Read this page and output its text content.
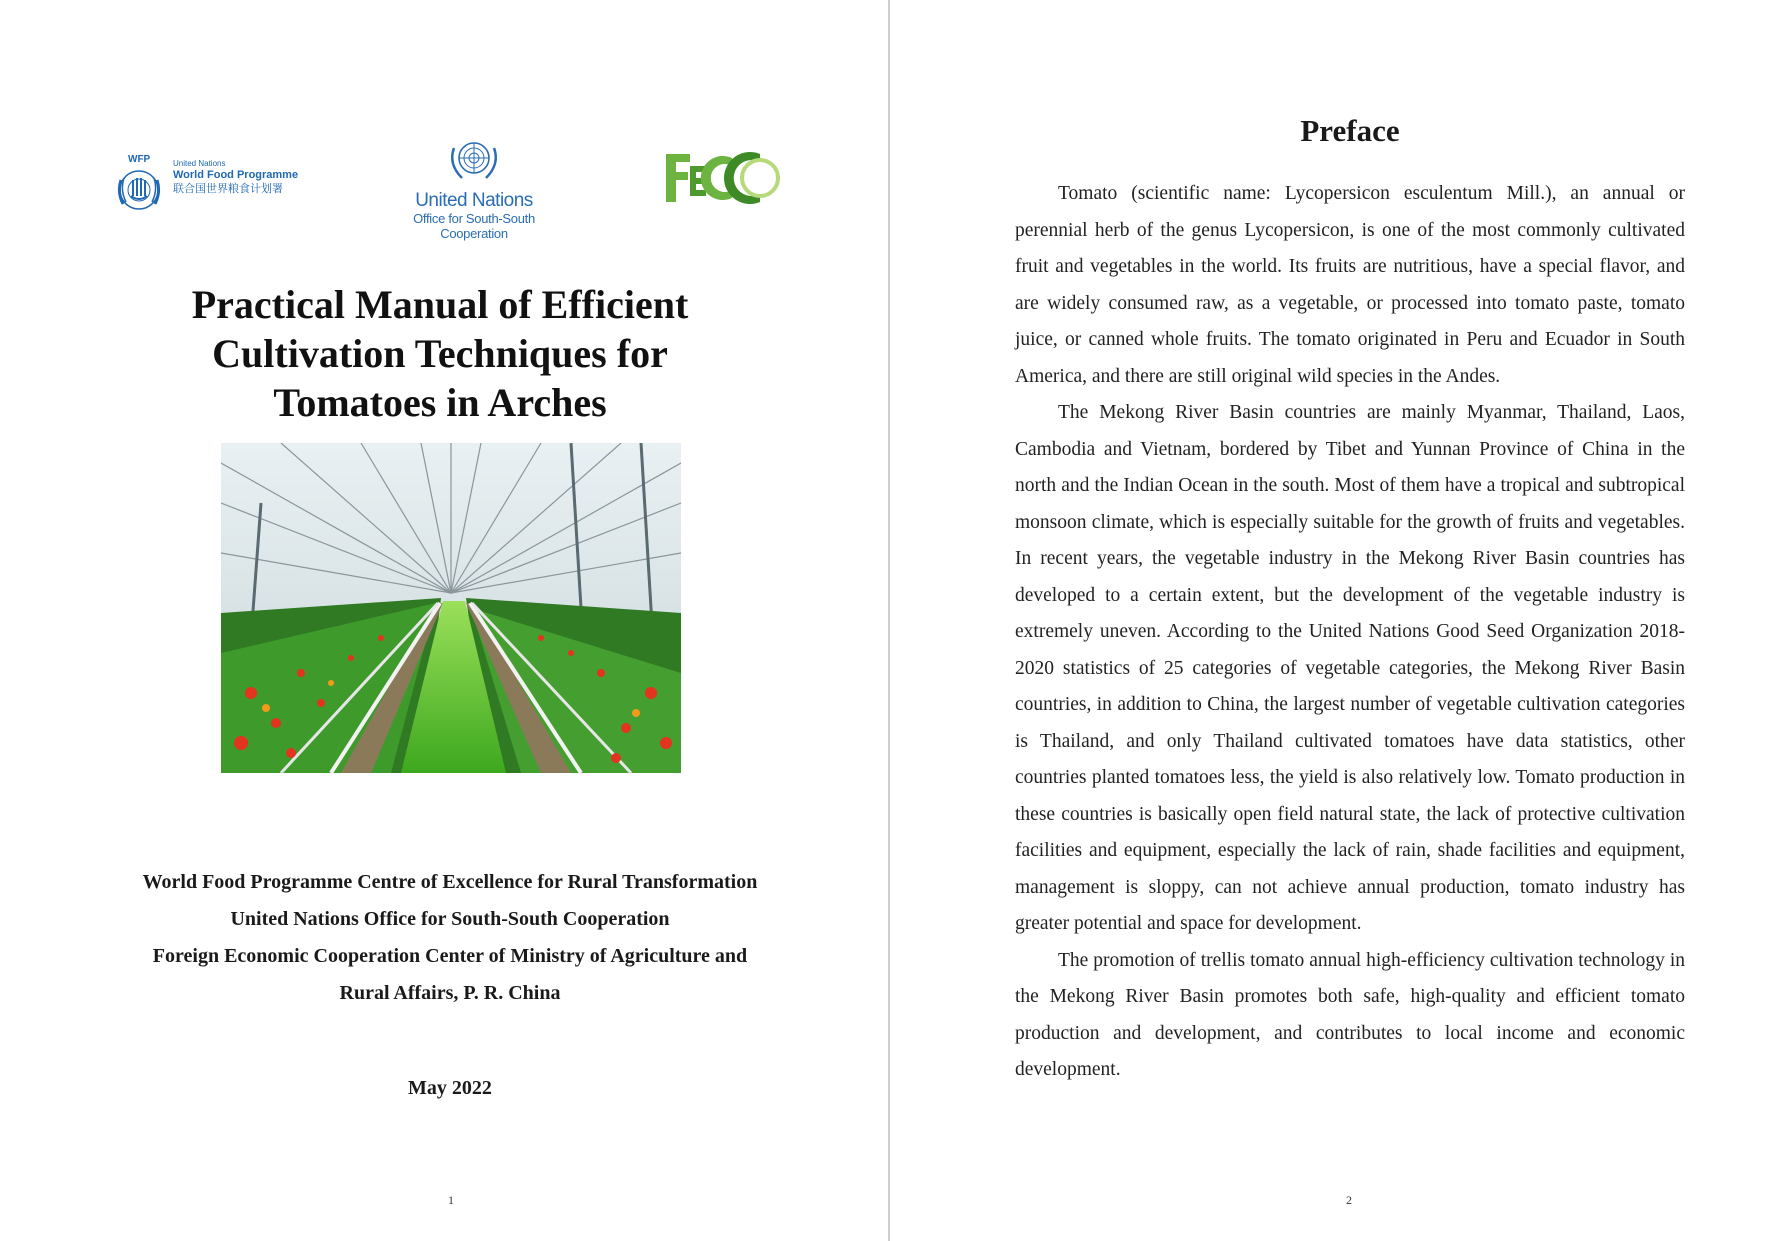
WFP	United Nations
World Food Programme
联合国世界粮食计划署
United Nations
Office for South-South Cooperation
Practical Manual of Efficient
Cultivation Techniques for
Tomatoes in Arches
World Food Programme Centre of Excellence for Rural Transformation
United Nations Office for South-South Cooperation
Foreign Economic Cooperation Center of Ministry of Agriculture and
Rural Affairs, P. R. China
May 2022
1
Preface

Tomato (scientific name: Lycopersicon esculentum Mill.), an annual or perennial herb of the genus Lycopersicon, is one of the most commonly cultivated fruit and vegetables in the world. Its fruits are nutritious, have a special flavor, and are widely consumed raw, as a vegetable, or processed into tomato paste, tomato juice, or canned whole fruits. The tomato originated in Peru and Ecuador in South America, and there are still original wild species in the Andes.

The Mekong River Basin countries are mainly Myanmar, Thailand, Laos, Cambodia and Vietnam, bordered by Tibet and Yunnan Province of China in the north and the Indian Ocean in the south. Most of them have a tropical and subtropical monsoon climate, which is especially suitable for the growth of fruits and vegetables. In recent years, the vegetable industry in the Mekong River Basin countries has developed to a certain extent, but the development of the vegetable industry is extremely uneven. According to the United Nations Good Seed Organization 2018-2020 statistics of 25 categories of vegetable categories, the Mekong River Basin countries, in addition to China, the largest number of vegetable cultivation categories is Thailand, and only Thailand cultivated tomatoes have data statistics, other countries planted tomatoes less, the yield is also relatively low. Tomato production in these countries is basically open field natural state, the lack of protective cultivation facilities and equipment, especially the lack of rain, shade facilities and equipment, management is sloppy, can not achieve annual production, tomato industry has greater potential and space for development.

The promotion of trellis tomato annual high-efficiency cultivation technology in the Mekong River Basin promotes both safe, high-quality and efficient tomato production and development, and contributes to local income and economic development.

2
